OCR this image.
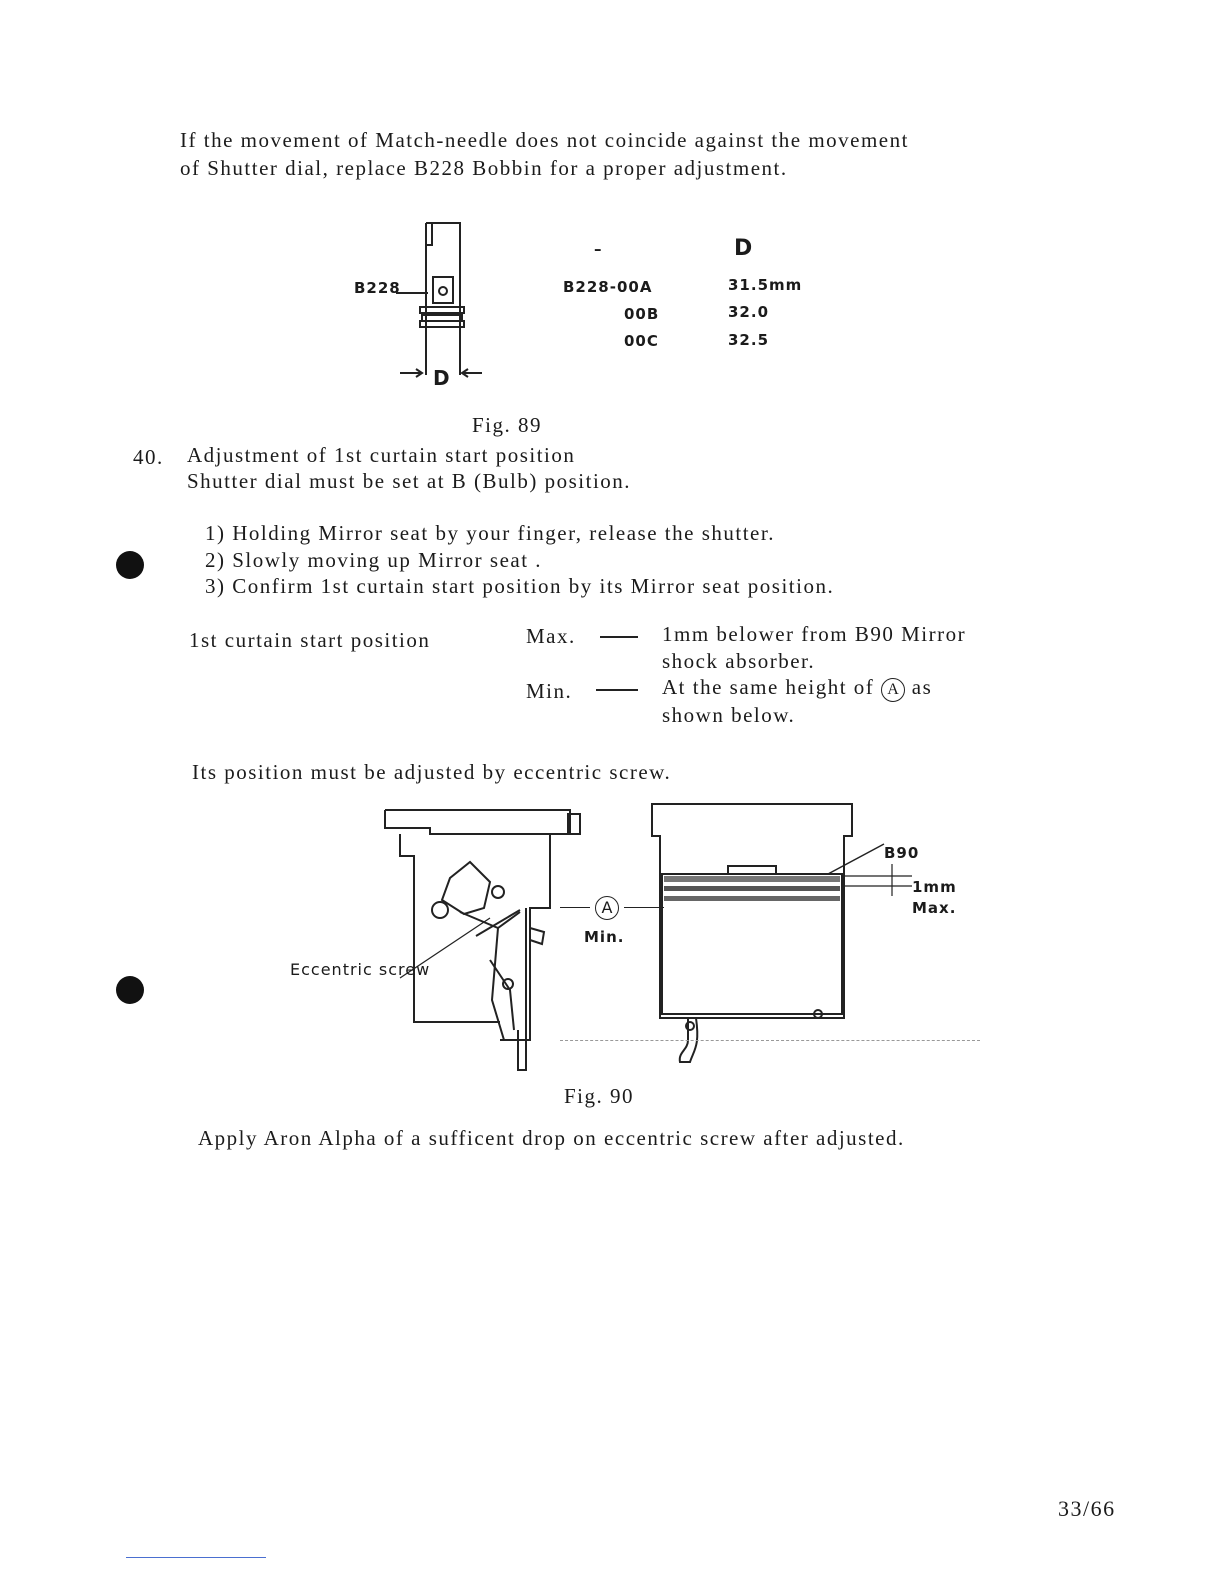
If the movement of Match-needle does not coincide against the movement
of Shutter dial, replace B228 Bobbin for a proper adjustment.
B228
D
–	D
B228-00A	31.5mm
00B	32.0
00C	32.5
Fig. 89
40. Adjustment of 1st curtain start position
Shutter dial must be set at B (Bulb) position.
1) Holding Mirror seat by your finger, release the shutter.
2) Slowly moving up Mirror seat .
3) Confirm 1st curtain start position by its Mirror seat position.
1st curtain start position	Max.	1mm belower from B90 Mirror
shock absorber.
Min.	At the same height of A as
shown below.
Its position must be adjusted by eccentric screw.
Eccentric screw
A
Min.
B90
1mm
Max.
Fig. 90
Apply Aron Alpha of a sufficent drop on eccentric screw after adjusted.
33/66
